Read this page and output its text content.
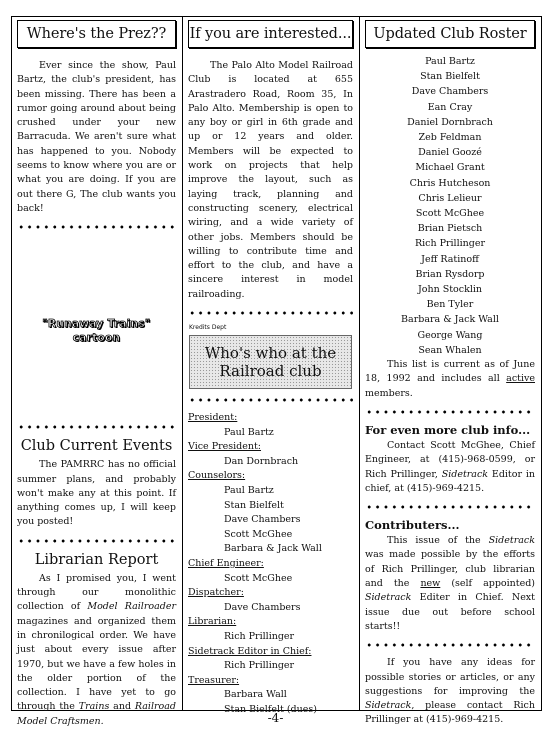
Where's the Prez??

Ever since the show, Paul Bartz, the club's president, has been missing. There has been a rumor going around about being crushed under your new Barracuda. We aren't sure what has happened to you. Nobody seems to know where you are or what you are doing. If you are out there G, The club wants you back!

"Runaway Trains"
cartoon
Club Current Events

The PAMRRC has no official summer plans, and probably won't make any at this point. If anything comes up, I will keep you posted!

Librarian Report

As I promised you, I went through our monolithic collection of Model Railroader magazines and organized them in chronilogical order. We have just about every issue after 1970, but we have a few holes in the older portion of the collection. I have yet to go through the Trains and Railroad Model Craftsmen.

If you are interested...

The Palo Alto Model Railroad Club is located at 655 Arastradero Road, Room 35, In Palo Alto. Membership is open to any boy or girl in 6th grade and up or 12 years and older. Members will be expected to work on projects that help improve the layout, such as laying track, planning and constructing scenery, electrical wiring, and a wide variety of other jobs. Members should be willing to contribute time and effort to the club, and have a sincere interest in model railroading.

Kredits Dept
Who's who at the Railroad club
President:
Paul Bartz
Vice President:
Dan Dornbrach
Counselors:
Paul Bartz
Stan Bielfelt
Dave Chambers
Scott McGhee
Barbara & Jack Wall
Chief Engineer:
Scott McGhee
Dispatcher:
Dave Chambers
Librarian:
Rich Prillinger
Sidetrack Editor in Chief:
Rich Prillinger
Treasurer:
Barbara Wall
Stan Bielfelt (dues)
Updated Club Roster
Paul Bartz
Stan Bielfelt
Dave Chambers
Ean Cray
Daniel Dornbrach
Zeb Feldman
Daniel Goozé
Michael Grant
Chris Hutcheson
Chris Lelieur
Scott McGhee
Brian Pietsch
Rich Prillinger
Jeff Ratinoff
Brian Rysdorp
John Stocklin
Ben Tyler
Barbara & Jack Wall
George Wang
Sean Whalen

This list is current as of June 18, 1992 and includes all active members.

For even more club info...

Contact Scott McGhee, Chief Engineer, at (415)-968-0599, or Rich Prillinger, Sidetrack Editor in chief, at (415)-969-4215.

Contributers...

This issue of the Sidetrack was made possible by the efforts of Rich Prillinger, club librarian and the new (self appointed) Sidetrack Editer in Chief. Next issue due out before school starts!!

If you have any ideas for possible stories or articles, or any suggestions for improving the Sidetrack, please contact Rich Prillinger at (415)-969-4215.

-4-
